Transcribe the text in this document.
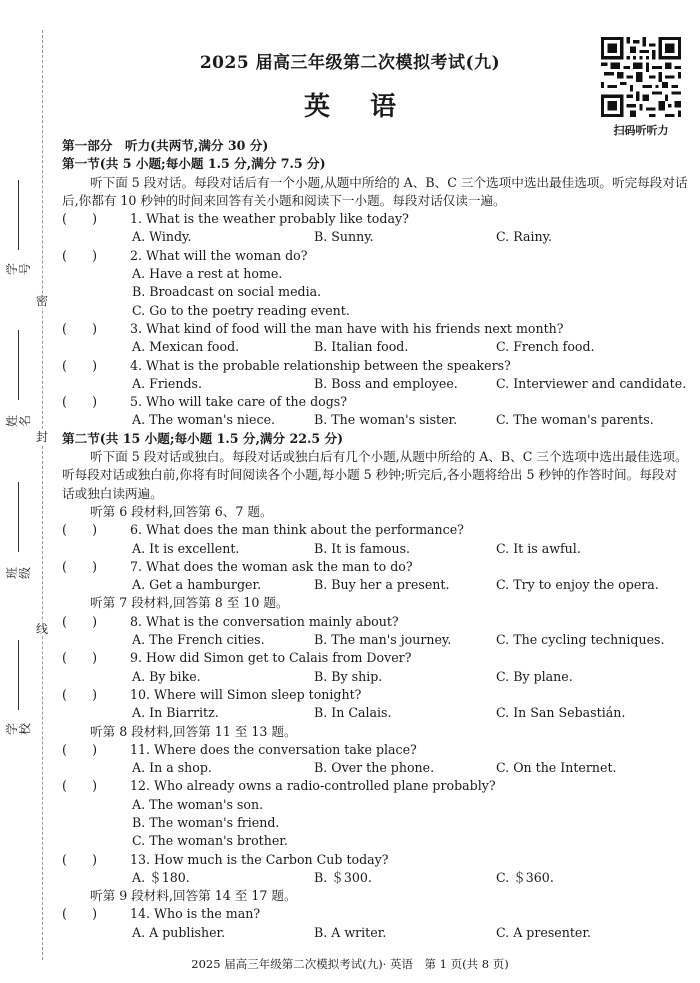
密
封
线
学号
姓名
班级
学校
2025 届高三年级第二次模拟考试(九)
英语
扫码听听力
第一部分　听力(共两节,满分 30 分)
第一节(共 5 小题;每小题 1.5 分,满分 7.5 分)
听下面 5 段对话。每段对话后有一个小题,从题中所给的 A、B、C 三个选项中选出最佳选项。听完每段对话后,你都有 10 秒钟的时间来回答有关小题和阅读下一小题。每段对话仅读一遍。
(　　)	1. What is the weather probably like today?
A. Windy.	B. Sunny.	C. Rainy.
(　　)	2. What will the woman do?
A. Have a rest at home.
B. Broadcast on social media.
C. Go to the poetry reading event.
(　　)	3. What kind of food will the man have with his friends next month?
A. Mexican food.	B. Italian food.	C. French food.
(　　)	4. What is the probable relationship between the speakers?
A. Friends.	B. Boss and employee.	C. Interviewer and candidate.
(　　)	5. Who will take care of the dogs?
A. The woman's niece.	B. The woman's sister.	C. The woman's parents.
第二节(共 15 小题;每小题 1.5 分,满分 22.5 分)
听下面 5 段对话或独白。每段对话或独白后有几个小题,从题中所给的 A、B、C 三个选项中选出最佳选项。听每段对话或独白前,你将有时间阅读各个小题,每小题 5 秒钟;听完后,各小题将给出 5 秒钟的作答时间。每段对话或独白读两遍。
听第 6 段材料,回答第 6、7 题。
(　　)	6. What does the man think about the performance?
A. It is excellent.	B. It is famous.	C. It is awful.
(　　)	7. What does the woman ask the man to do?
A. Get a hamburger.	B. Buy her a present.	C. Try to enjoy the opera.
听第 7 段材料,回答第 8 至 10 题。
(　　)	8. What is the conversation mainly about?
A. The French cities.	B. The man's journey.	C. The cycling techniques.
(　　)	9. How did Simon get to Calais from Dover?
A. By bike.	B. By ship.	C. By plane.
(　　)	10. Where will Simon sleep tonight?
A. In Biarritz.	B. In Calais.	C. In San Sebastián.
听第 8 段材料,回答第 11 至 13 题。
(　　)	11. Where does the conversation take place?
A. In a shop.	B. Over the phone.	C. On the Internet.
(　　)	12. Who already owns a radio-controlled plane probably?
A. The woman's son.
B. The woman's friend.
C. The woman's brother.
(　　)	13. How much is the Carbon Cub today?
A. ＄180.	B. ＄300.	C. ＄360.
听第 9 段材料,回答第 14 至 17 题。
(　　)	14. Who is the man?
A. A publisher.	B. A writer.	C. A presenter.
2025 届高三年级第二次模拟考试(九)· 英语　第 1 页(共 8 页)
